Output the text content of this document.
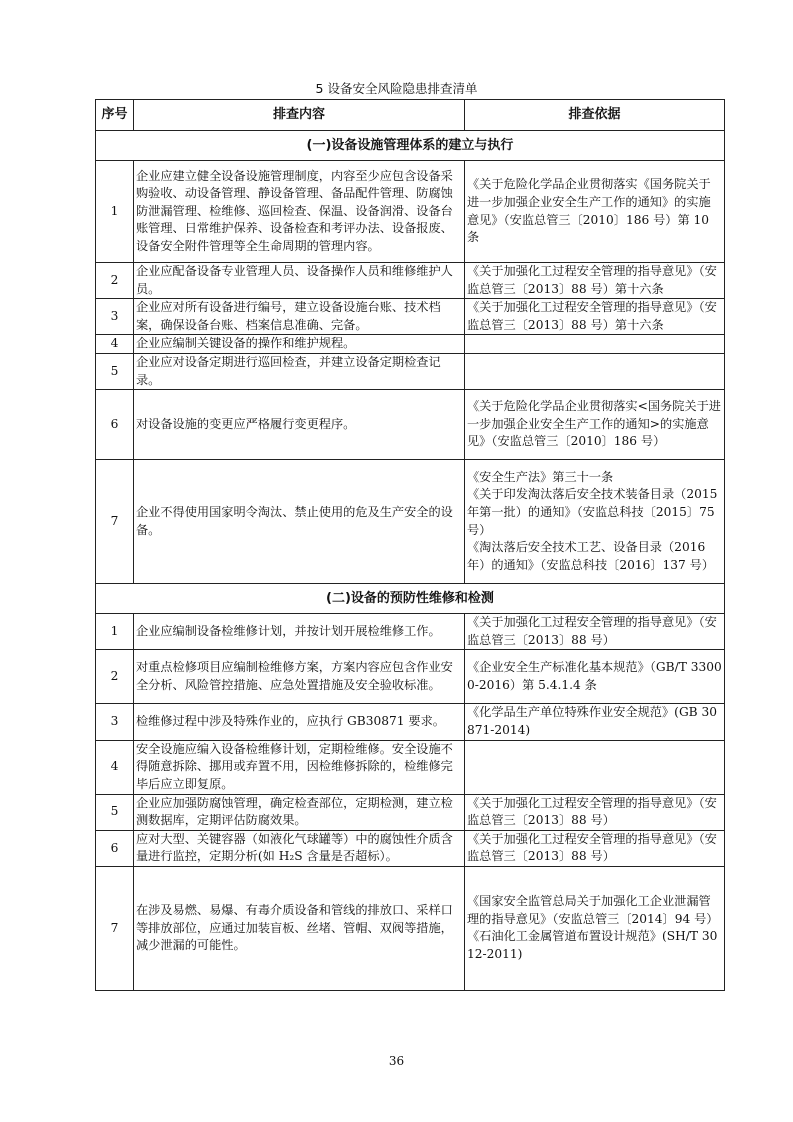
5 设备安全风险隐患排查清单
序号	排查内容	排查依据
(一)设备设施管理体系的建立与执行		
1	企业应建立健全设备设施管理制度，内容至少应包含设备采购验收、动设备管理、静设备管理、备品配件管理、防腐蚀防泄漏管理、检维修、巡回检查、保温、设备润滑、设备台账管理、日常维护保养、设备检查和考评办法、设备报废、设备安全附件管理等全生命周期的管理内容。	《关于危险化学品企业贯彻落实《国务院关于进一步加强企业安全生产工作的通知》的实施意见》（安监总管三〔2010〕186 号）第 10 条

2	企业应配备设备专业管理人员、设备操作人员和维修维护人员。	《关于加强化工过程安全管理的指导意见》（安监总管三〔2013〕88 号）第十六条

3	企业应对所有设备进行编号，建立设备设施台账、技术档案，确保设备台账、档案信息准确、完备。	《关于加强化工过程安全管理的指导意见》（安监总管三〔2013〕88 号）第十六条

4	企业应编制关键设备的操作和维护规程。	
5	企业应对设备定期进行巡回检查，并建立设备定期检查记录。	
6	对设备设施的变更应严格履行变更程序。	《关于危险化学品企业贯彻落实<国务院关于进一步加强企业安全生产工作的通知>的实施意见》（安监总管三〔2010〕186 号）

7	企业不得使用国家明令淘汰、禁止使用的危及生产安全的设备。	《安全生产法》第三十一条
《关于印发淘汰落后安全技术装备目录（2015 年第一批）的通知》（安监总科技〔2015〕75 号）
《淘汰落后安全技术工艺、设备目录（2016 年）的通知》（安监总科技〔2016〕137 号）

(二)设备的预防性维修和检测		
1	企业应编制设备检维修计划，并按计划开展检维修工作。	《关于加强化工过程安全管理的指导意见》（安监总管三〔2013〕88 号）

2	对重点检修项目应编制检维修方案，方案内容应包含作业安全分析、风险管控措施、应急处置措施及安全验收标准。	《企业安全生产标准化基本规范》（GB/T 33000-2016）第 5.4.1.4 条

3	检维修过程中涉及特殊作业的，应执行 GB30871 要求。	《化学品生产单位特殊作业安全规范》(GB 30871-2014)

4	安全设施应编入设备检维修计划，定期检维修。安全设施不得随意拆除、挪用或弃置不用，因检维修拆除的，检维修完毕后应立即复原。	
5	企业应加强防腐蚀管理，确定检查部位，定期检测，建立检测数据库，定期评估防腐效果。	《关于加强化工过程安全管理的指导意见》（安监总管三〔2013〕88 号）

6	应对大型、关键容器（如液化气球罐等）中的腐蚀性介质含量进行监控，定期分析(如 H₂S 含量是否超标）。	《关于加强化工过程安全管理的指导意见》（安监总管三〔2013〕88 号）

7	在涉及易燃、易爆、有毒介质设备和管线的排放口、采样口等排放部位，应通过加装盲板、丝堵、管帽、双阀等措施，减少泄漏的可能性。	《国家安全监管总局关于加强化工企业泄漏管理的指导意见》（安监总管三〔2014〕94 号）
《石油化工金属管道布置设计规范》(SH/T 3012-2011)
36
